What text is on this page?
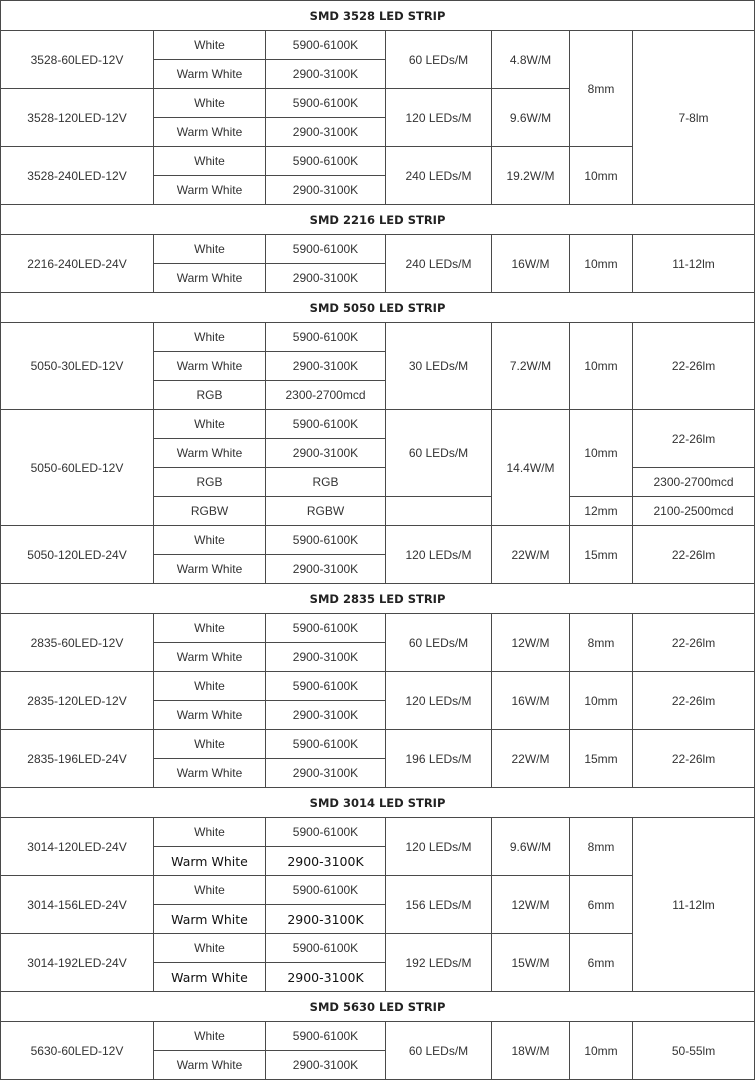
SMD 3528 LED STRIP						
3528-60LED-12V	White	5900-6100K	60 LEDs/M	4.8W/M	8mm	7-8lm
	Warm White	2900-3100K				
3528-120LED-12V	White	5900-6100K	120 LEDs/M	9.6W/M		
	Warm White	2900-3100K				
3528-240LED-12V	White	5900-6100K	240 LEDs/M	19.2W/M	10mm	
	Warm White	2900-3100K				
SMD 2216 LED STRIP						
2216-240LED-24V	White	5900-6100K	240 LEDs/M	16W/M	10mm	11-12lm
	Warm White	2900-3100K				
SMD 5050 LED STRIP						
5050-30LED-12V	White	5900-6100K	30 LEDs/M	7.2W/M	10mm	22-26lm
	Warm White	2900-3100K				
	RGB	2300-2700mcd				
5050-60LED-12V	White	5900-6100K	60 LEDs/M	14.4W/M	10mm	22-26lm
	Warm White	2900-3100K				
	RGB	RGB				2300-2700mcd
	RGBW	RGBW			12mm	2100-2500mcd
5050-120LED-24V	White	5900-6100K	120 LEDs/M	22W/M	15mm	22-26lm
	Warm White	2900-3100K				
SMD 2835 LED STRIP						
2835-60LED-12V	White	5900-6100K	60 LEDs/M	12W/M	8mm	22-26lm
	Warm White	2900-3100K				
2835-120LED-12V	White	5900-6100K	120 LEDs/M	16W/M	10mm	22-26lm
	Warm White	2900-3100K				
2835-196LED-24V	White	5900-6100K	196 LEDs/M	22W/M	15mm	22-26lm
	Warm White	2900-3100K				
SMD 3014 LED STRIP						
3014-120LED-24V	White	5900-6100K	120 LEDs/M	9.6W/M	8mm	11-12lm
	Warm White	2900-3100K				
3014-156LED-24V	White	5900-6100K	156 LEDs/M	12W/M	6mm	
	Warm White	2900-3100K				
3014-192LED-24V	White	5900-6100K	192 LEDs/M	15W/M	6mm	
	Warm White	2900-3100K				
SMD 5630 LED STRIP						
5630-60LED-12V	White	5900-6100K	60 LEDs/M	18W/M	10mm	50-55lm
	Warm White	2900-3100K				
